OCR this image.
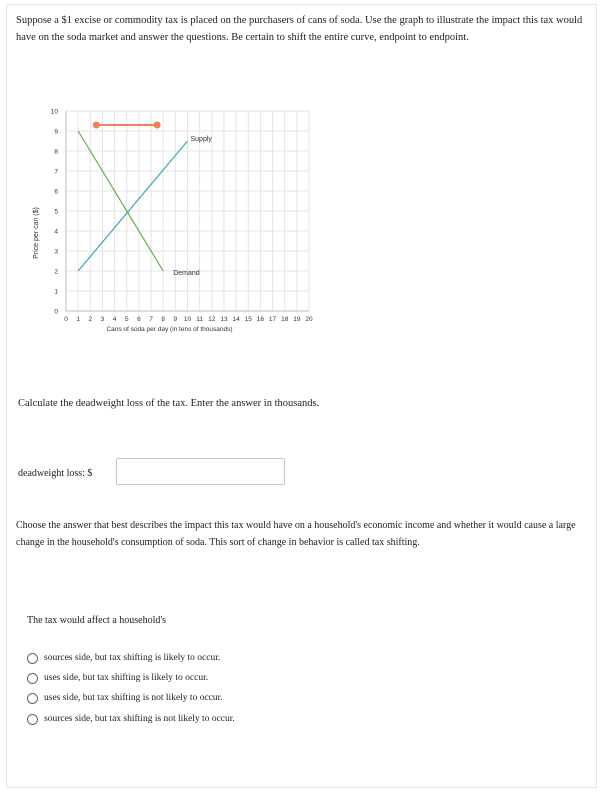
Suppose a $1 excise or commodity tax is placed on the purchasers of cans of soda. Use the graph to illustrate the impact this tax would have on the soda market and answer the questions. Be certain to shift the entire curve, endpoint to endpoint.
0 1 2 3 4 5 6 7 8 9 10 11 12 13 14 15 16 17 18 19 20
0
1
2
3
4
5
6
7
8
9
10
Cans of soda per day (in tens of thousands)
Price per can ($)
Supply
Demand
Calculate the deadweight loss of the tax. Enter the answer in thousands.
deadweight loss: $
Choose the answer that best describes the impact this tax would have on a household's economic income and whether it would cause a large change in the household's consumption of soda. This sort of change in behavior is called tax shifting.
The tax would affect a household's
sources side, but tax shifting is likely to occur.
uses side, but tax shifting is likely to occur.
uses side, but tax shifting is not likely to occur.
sources side, but tax shifting is not likely to occur.
